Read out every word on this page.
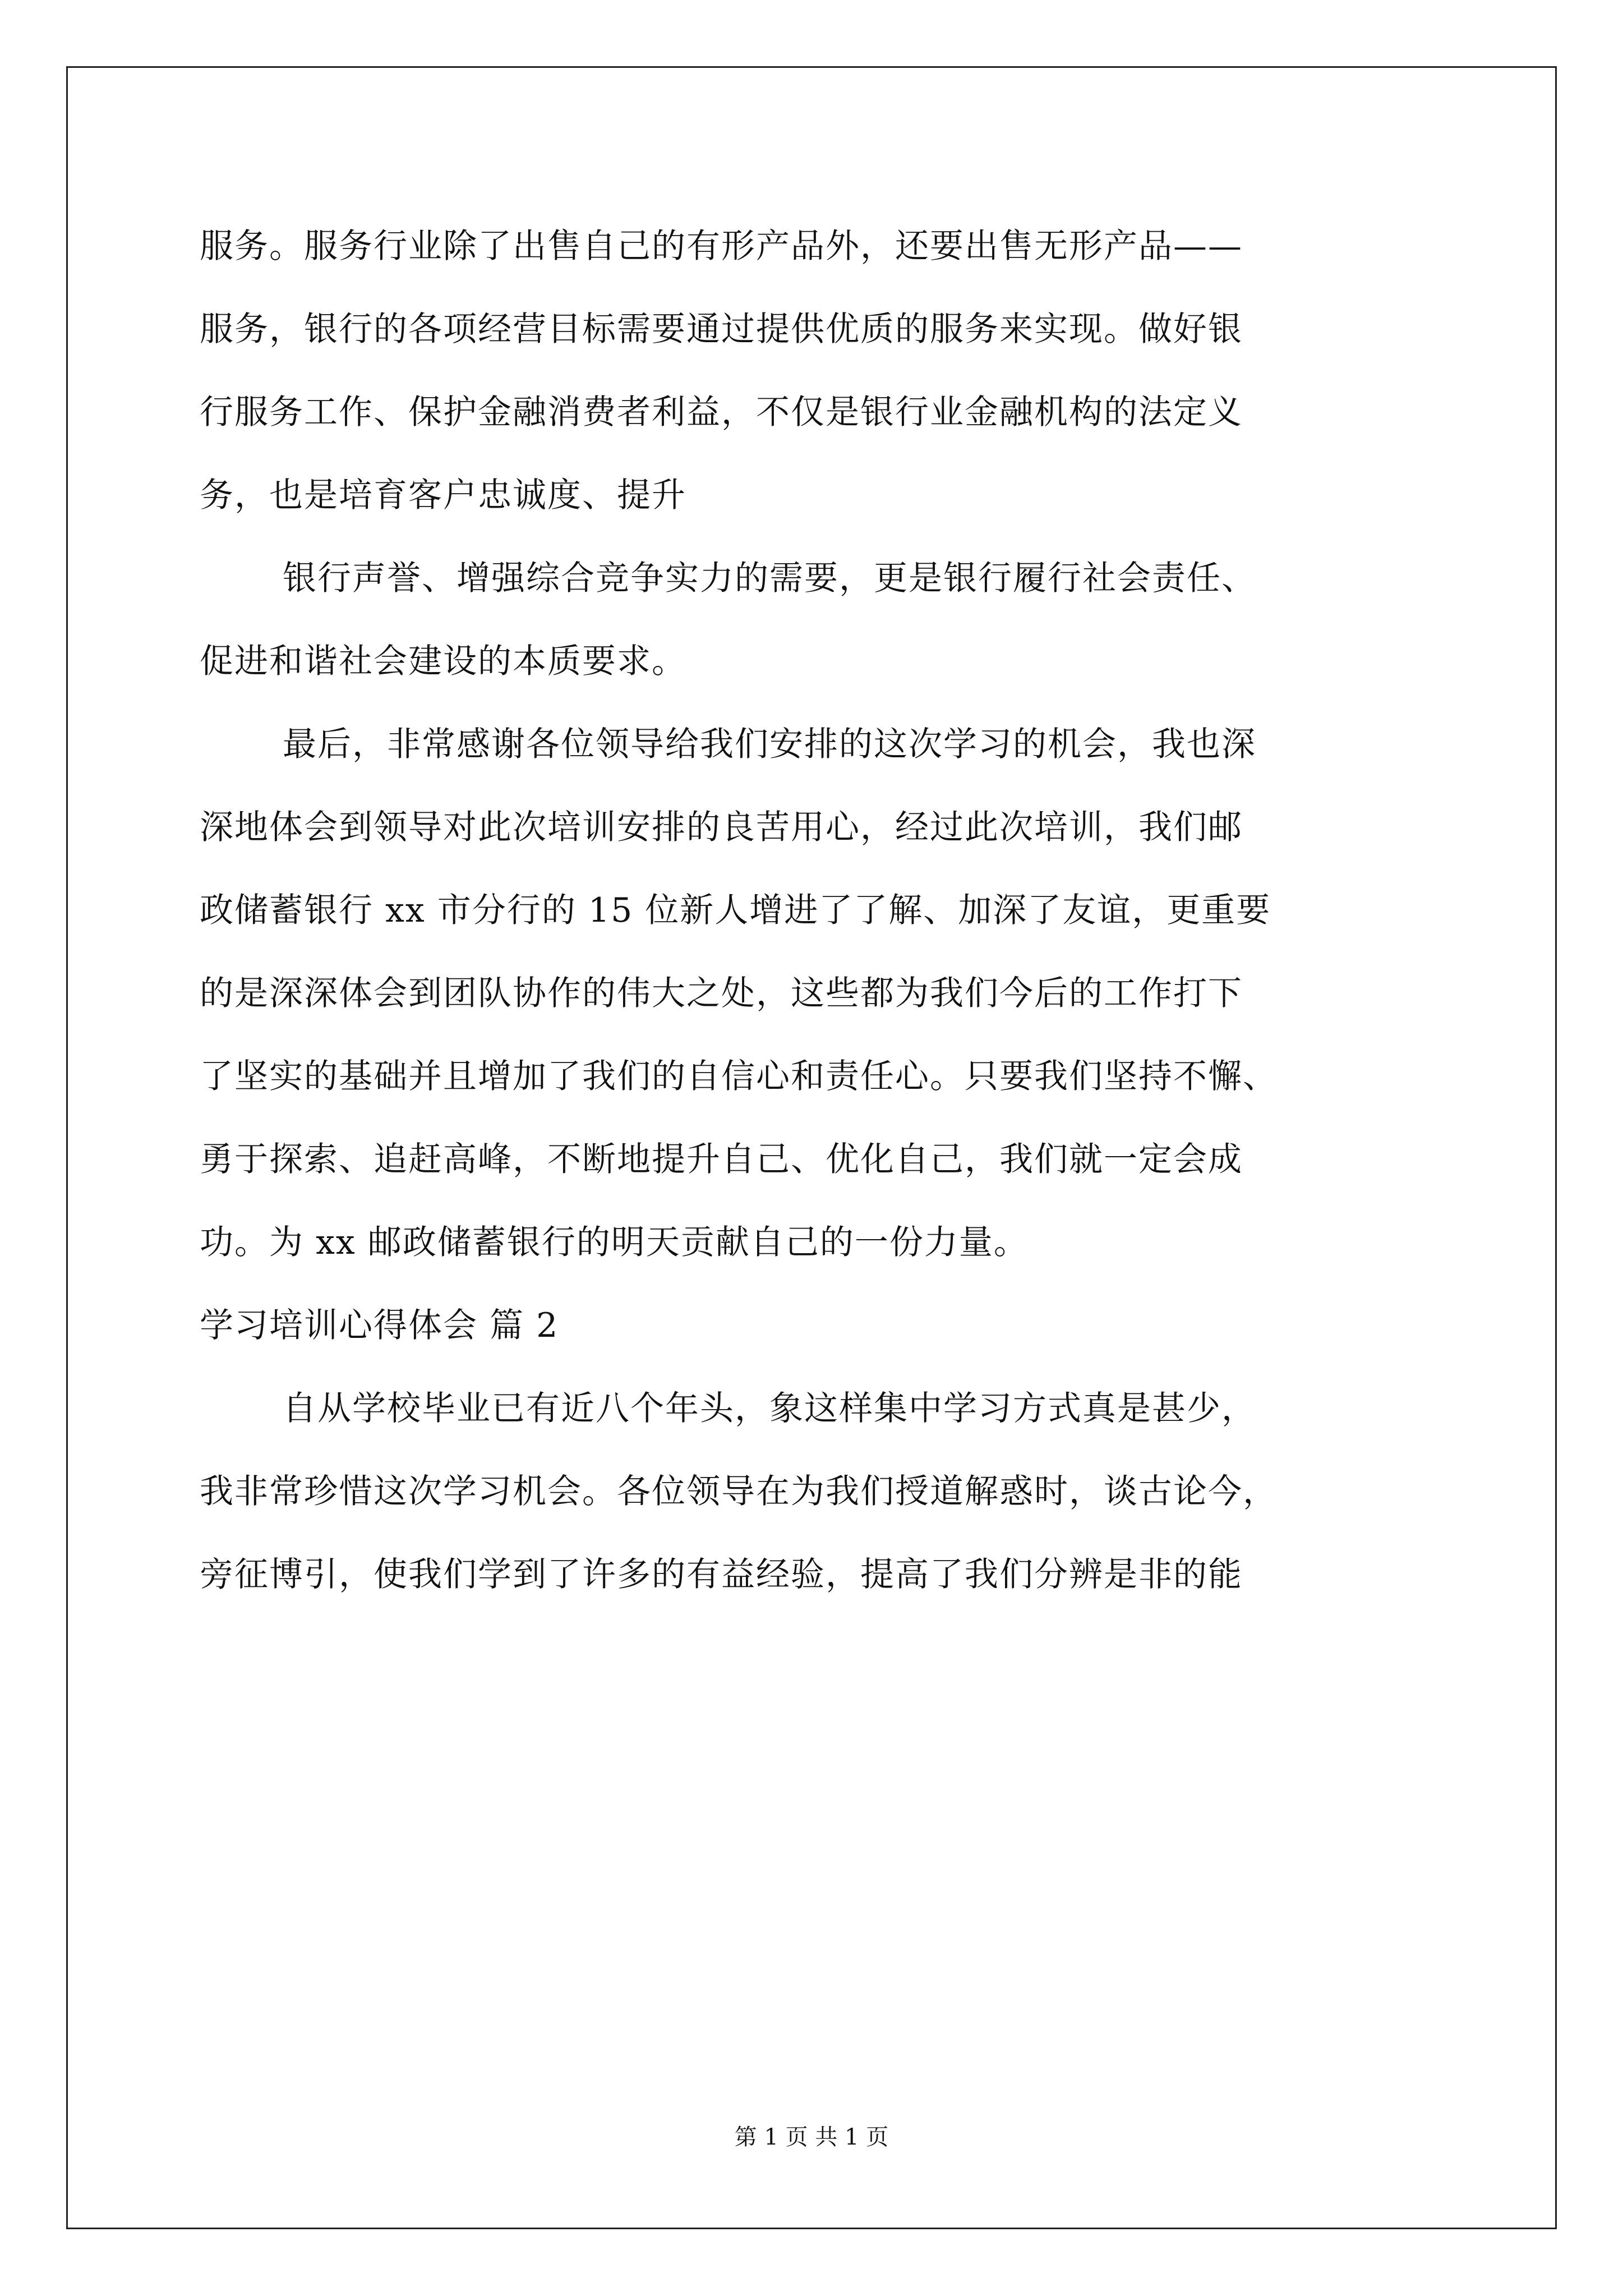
服务。服务行业除了出售自己的有形产品外，还要出售无形产品——
服务，银行的各项经营目标需要通过提供优质的服务来实现。做好银
行服务工作、保护金融消费者利益，不仅是银行业金融机构的法定义
务，也是培育客户忠诚度、提升
银行声誉、增强综合竞争实力的需要，更是银行履行社会责任、
促进和谐社会建设的本质要求。
最后，非常感谢各位领导给我们安排的这次学习的机会，我也深
深地体会到领导对此次培训安排的良苦用心，经过此次培训，我们邮
政储蓄银行 xx 市分行的 15 位新人增进了了解、加深了友谊，更重要
的是深深体会到团队协作的伟大之处，这些都为我们今后的工作打下
了坚实的基础并且增加了我们的自信心和责任心。只要我们坚持不懈、
勇于探索、追赶高峰，不断地提升自己、优化自己，我们就一定会成
功。为 xx 邮政储蓄银行的明天贡献自己的一份力量。
学习培训心得体会 篇 2
自从学校毕业已有近八个年头，象这样集中学习方式真是甚少，
我非常珍惜这次学习机会。各位领导在为我们授道解惑时，谈古论今，
旁征博引，使我们学到了许多的有益经验，提高了我们分辨是非的能
第 1 页 共 1 页
